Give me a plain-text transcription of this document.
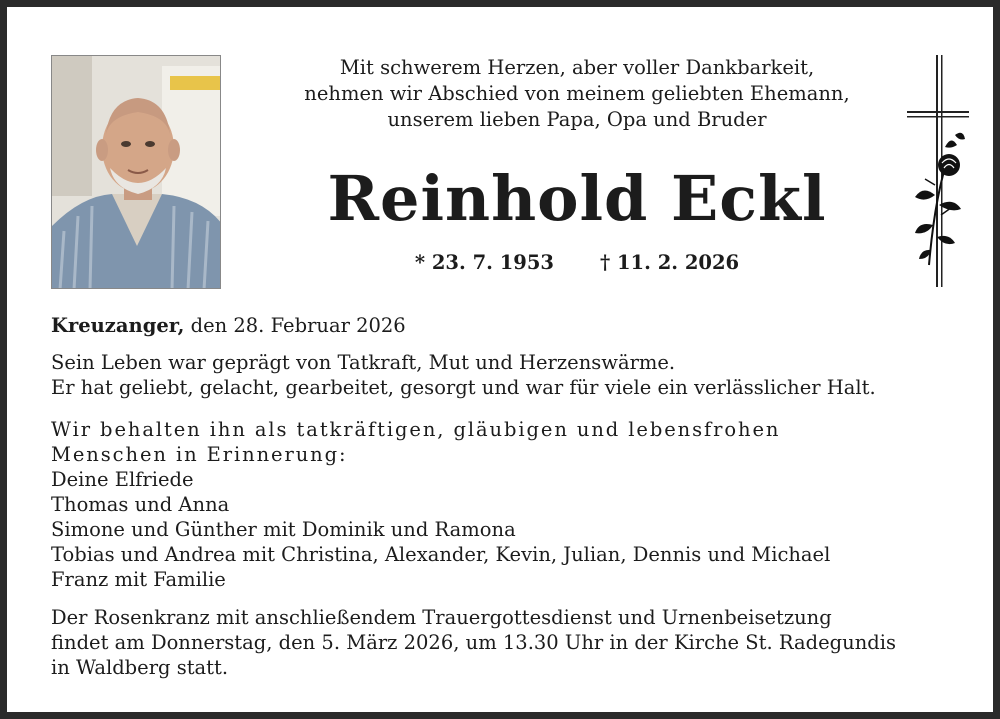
Mit schwerem Herzen, aber voller Dankbarkeit,
nehmen wir Abschied von meinem geliebten Ehemann,
unserem lieben Papa, Opa und Bruder
Reinhold Eckl
* 23. 7. 1953 † 11. 2. 2026
Kreuzanger, den 28. Februar 2026
Sein Leben war geprägt von Tatkraft, Mut und Herzenswärme.
Er hat geliebt, gelacht, gearbeitet, gesorgt und war für viele ein verlässlicher Halt.
Wir behalten ihn als tatkräftigen, gläubigen und lebensfrohen
Menschen in Erinnerung:
Deine Elfriede
Thomas und Anna
Simone und Günther mit Dominik und Ramona
Tobias und Andrea mit Christina, Alexander, Kevin, Julian, Dennis und Michael
Franz mit Familie
Der Rosenkranz mit anschließendem Trauergottesdienst und Urnenbeisetzung
findet am Donnerstag, den 5. März 2026, um 13.30 Uhr in der Kirche St. Radegundis
in Waldberg statt.
